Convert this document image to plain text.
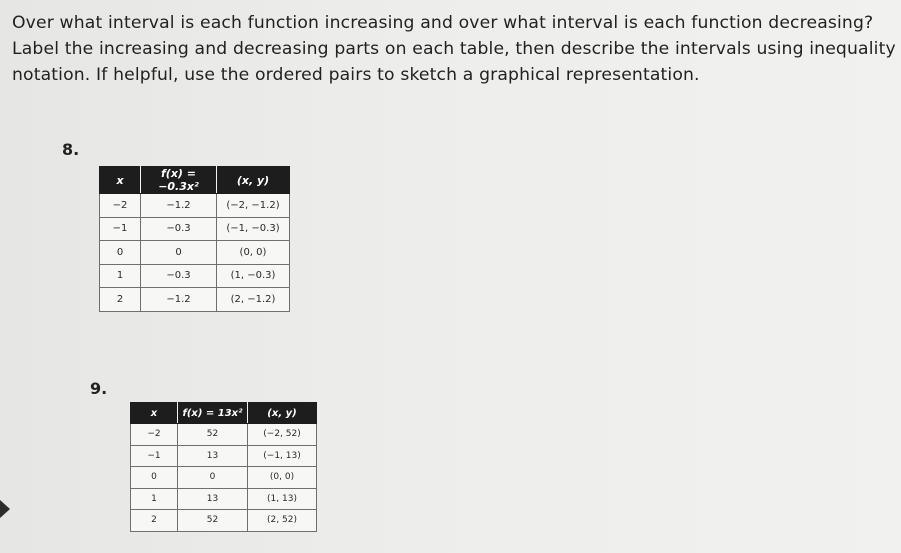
Over what interval is each function increasing and over what interval is each function decreasing? Label the increasing and decreasing parts on each table, then describe the intervals using inequality notation. If helpful, use the ordered pairs to sketch a graphical representation.
8.
x	f(x) = −0.3x²	(x, y)
−2	−1.2	(−2, −1.2)
−1	−0.3	(−1, −0.3)
0	0	(0, 0)
1	−0.3	(1, −0.3)
2	−1.2	(2, −1.2)
9.
x	f(x) = 13x²	(x, y)
−2	52	(−2, 52)
−1	13	(−1, 13)
0	0	(0, 0)
1	13	(1, 13)
2	52	(2, 52)
